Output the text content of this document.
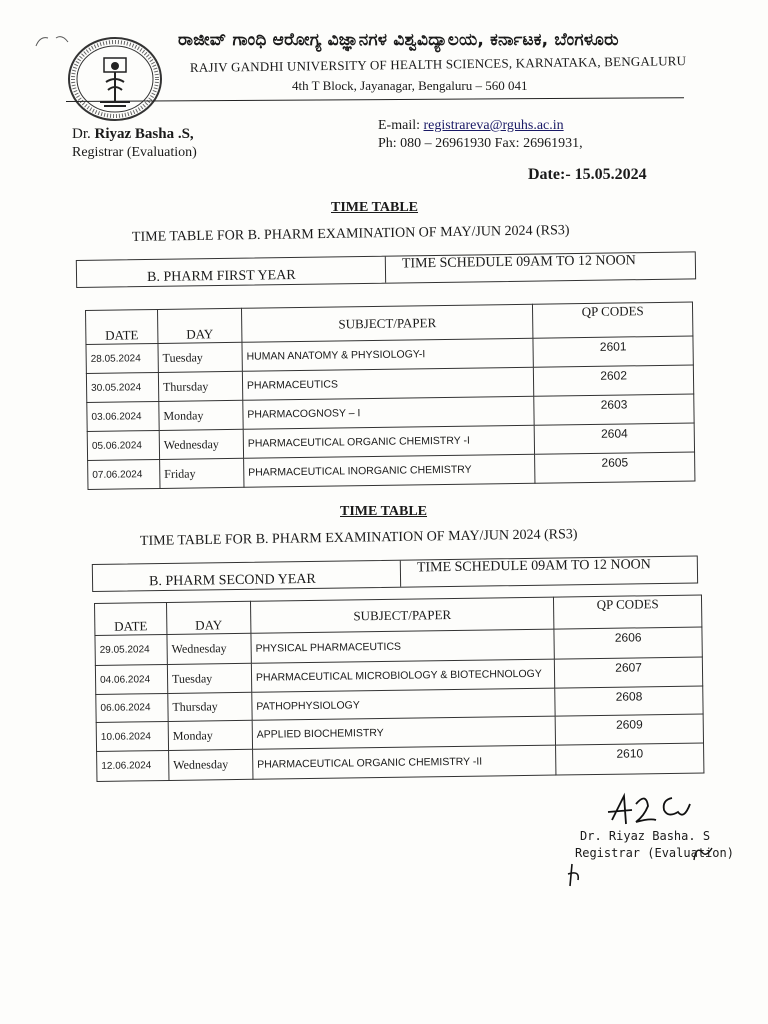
ರಾಜೀವ್ ಗಾಂಧಿ ಆರೋಗ್ಯ ವಿಜ್ಞಾನಗಳ ವಿಶ್ವವಿದ್ಯಾಲಯ, ಕರ್ನಾಟಕ, ಬೆಂಗಳೂರು
RAJIV GANDHI UNIVERSITY OF HEALTH SCIENCES, KARNATAKA, BENGALURU
4th T Block, Jayanagar, Bengaluru – 560 041
Dr. Riyaz Basha .S,
Registrar (Evaluation)
E-mail: registrareva@rguhs.ac.in
Ph: 080 – 26961930 Fax: 26961931,
Date:- 15.05.2024
TIME TABLE
TIME TABLE FOR B. PHARM EXAMINATION OF MAY/JUN 2024 (RS3)
B. PHARM FIRST YEAR
TIME SCHEDULE 09AM TO 12 NOON
DATE	DAY	SUBJECT/PAPER	QP CODES
28.05.2024	Tuesday	HUMAN ANATOMY & PHYSIOLOGY-I	2601
30.05.2024	Thursday	PHARMACEUTICS	2602
03.06.2024	Monday	PHARMACOGNOSY – I	2603
05.06.2024	Wednesday	PHARMACEUTICAL ORGANIC CHEMISTRY -I	2604
07.06.2024	Friday	PHARMACEUTICAL INORGANIC CHEMISTRY	2605
TIME TABLE
TIME TABLE FOR B. PHARM EXAMINATION OF MAY/JUN 2024 (RS3)
B. PHARM SECOND YEAR
TIME SCHEDULE 09AM TO 12 NOON
DATE	DAY	SUBJECT/PAPER	QP CODES
29.05.2024	Wednesday	PHYSICAL PHARMACEUTICS	2606
04.06.2024	Tuesday	PHARMACEUTICAL MICROBIOLOGY & BIOTECHNOLOGY	2607
06.06.2024	Thursday	PATHOPHYSIOLOGY	2608
10.06.2024	Monday	APPLIED BIOCHEMISTRY	2609
12.06.2024	Wednesday	PHARMACEUTICAL ORGANIC CHEMISTRY -II	2610
Dr. Riyaz Basha. S
Registrar (Evaluation)
